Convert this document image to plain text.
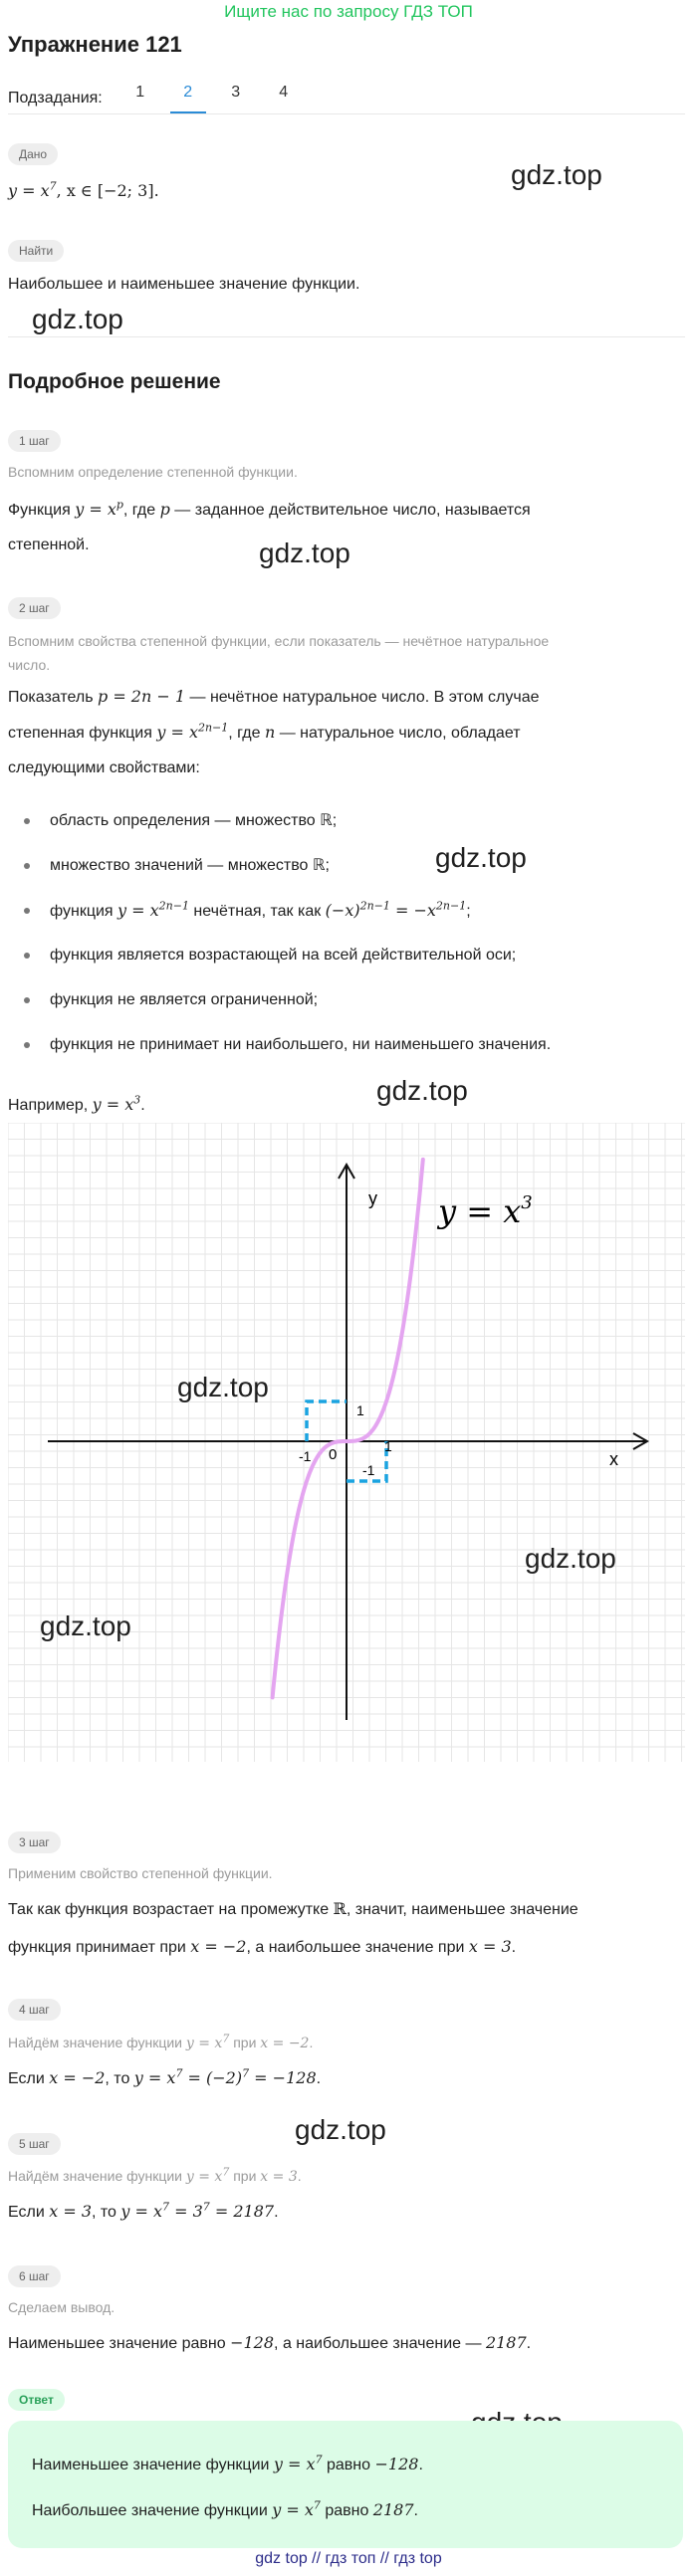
Ищите нас по запросу ГДЗ ТОП
Упражнение 121
Подзадания:	1	2	3	4
Дано
$y = x^7$, x ∈ [−2; 3].
gdz.top
Найти
Наибольшее и наименьшее значение функции.
gdz.top
Подробное решение
1 шаг
Вспомним определение степенной функции.
Функция $y = x^p$, где p — заданное действительное число, называется
степенной.	gdz.top
2 шаг
Вспомним свойства степенной функции, если показатель — нечётное натуральное
число.
Показатель p = 2n − 1 — нечётное натуральное число. В этом случае
степенная функция $y = x^{2n-1}$, где n — натуральное число, обладает
следующими свойствами:
область определения — множество ℝ;
множество значений — множество ℝ;
функция $y = x^{2n-1}$ нечётная, так как $(-x)^{2n-1} = -x^{2n-1}$;
функция является возрастающей на всей действительной оси;
функция не является ограниченной;
функция не принимает ни наибольшего, ни наименьшего значения.
gdz.top
Например, $y = x^3$.	gdz.top
y
x
0
1
-1
1
-1
$y = x^3$
gdz.top
gdz.top
gdz.top
3 шаг
Применим свойство степенной функции.
Так как функция возрастает на промежутке ℝ, значит, наименьшее значение
функция принимает при x = −2, а наибольшее значение при x = 3.
4 шаг
Найдём значение функции $y = x^7$ при x = −2.
Если x = −2, то $y = x^7 = (-2)^7 = -128$.
gdz.top
5 шаг
Найдём значение функции $y = x^7$ при x = 3.
Если x = 3, то $y = x^7 = 3^7 = 2187$.
6 шаг
Сделаем вывод.
Наименьшее значение равно −128, а наибольшее значение — 2187.
Ответ
Наименьшее значение функции $y = x^7$ равно −128.
Наибольшее значение функции $y = x^7$ равно 2187.
gdz top // гдз топ // гдз top
